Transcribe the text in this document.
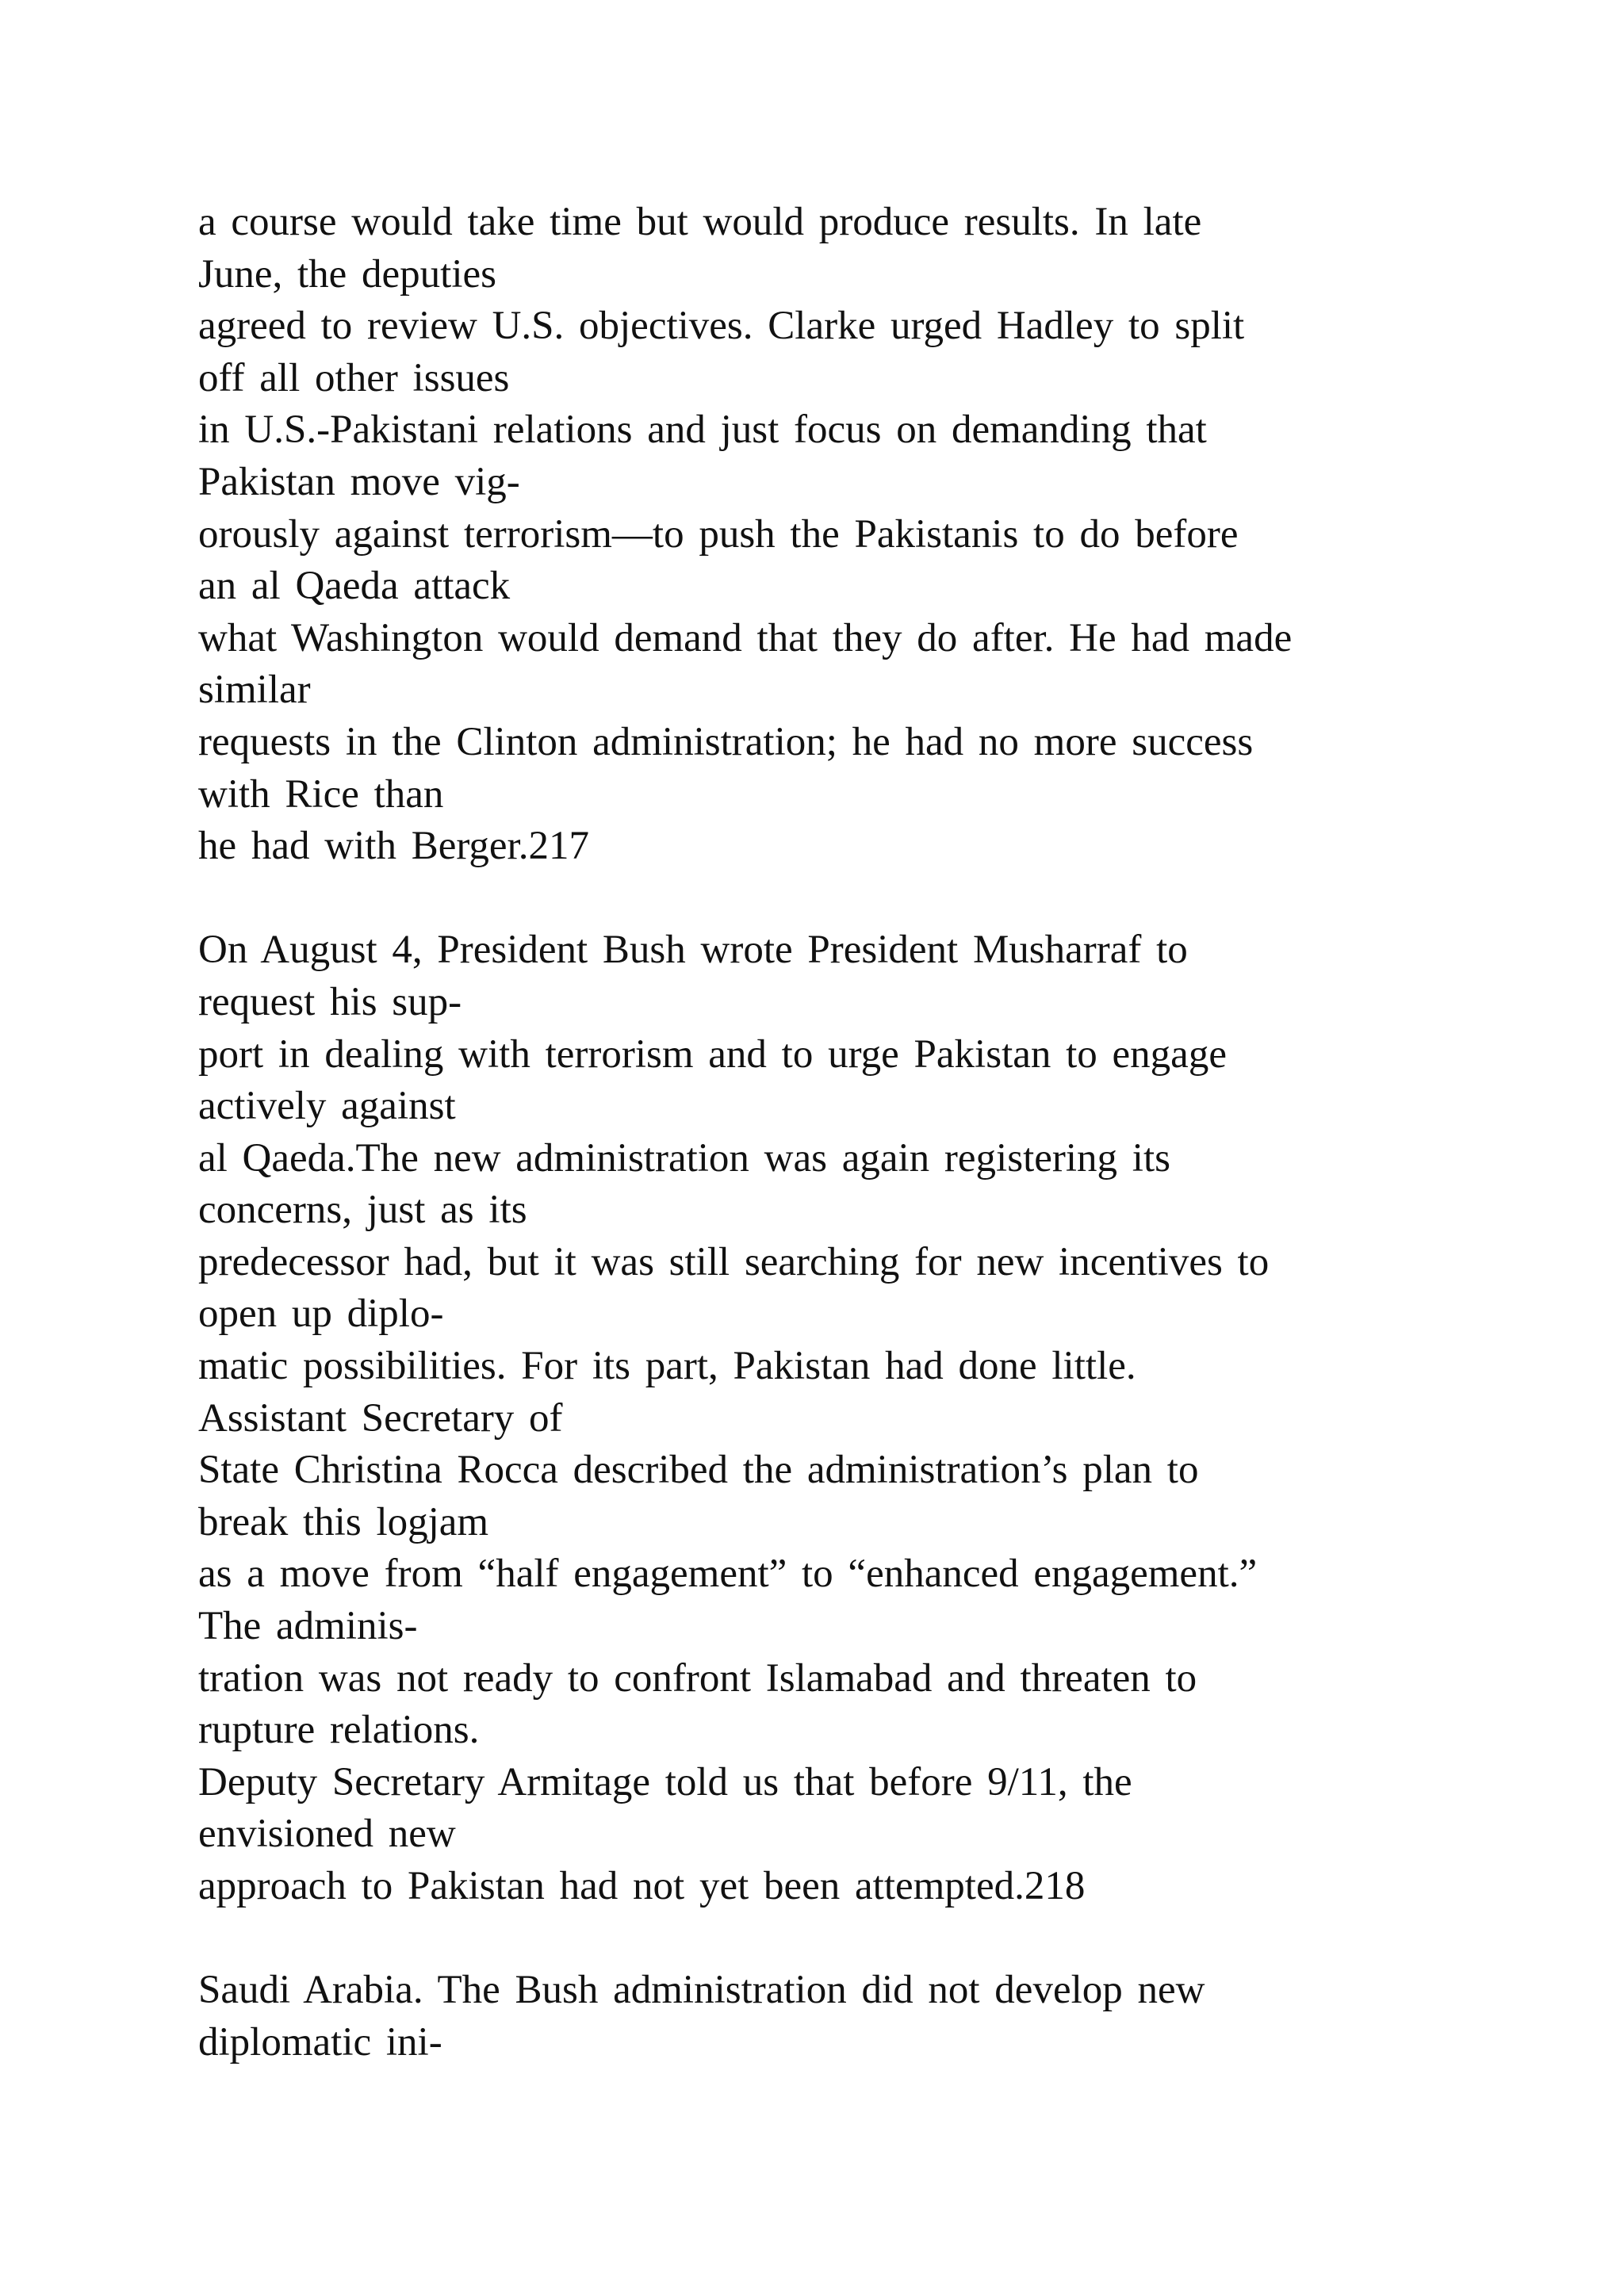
a course would take time but would produce results. In late
June, the deputies
agreed to review U.S. objectives. Clarke urged Hadley to split
off all other issues
in U.S.-Pakistani relations and just focus on demanding that
Pakistan move vig-
orously against terrorism—to push the Pakistanis to do before
an al Qaeda attack
what Washington would demand that they do after. He had made
similar
requests in the Clinton administration; he had no more success
with Rice than
he had with Berger.217
On August 4, President Bush wrote President Musharraf to
request his sup-
port in dealing with terrorism and to urge Pakistan to engage
actively against
al Qaeda.The new administration was again registering its
concerns, just as its
predecessor had, but it was still searching for new incentives to
open up diplo-
matic possibilities. For its part, Pakistan had done little.
Assistant Secretary of
State Christina Rocca described the administration’s plan to
break this logjam
as a move from “half engagement” to “enhanced engagement.”
The adminis-
tration was not ready to confront Islamabad and threaten to
rupture relations.
Deputy Secretary Armitage told us that before 9/11, the
envisioned new
approach to Pakistan had not yet been attempted.218
Saudi Arabia. The Bush administration did not develop new
diplomatic ini-
